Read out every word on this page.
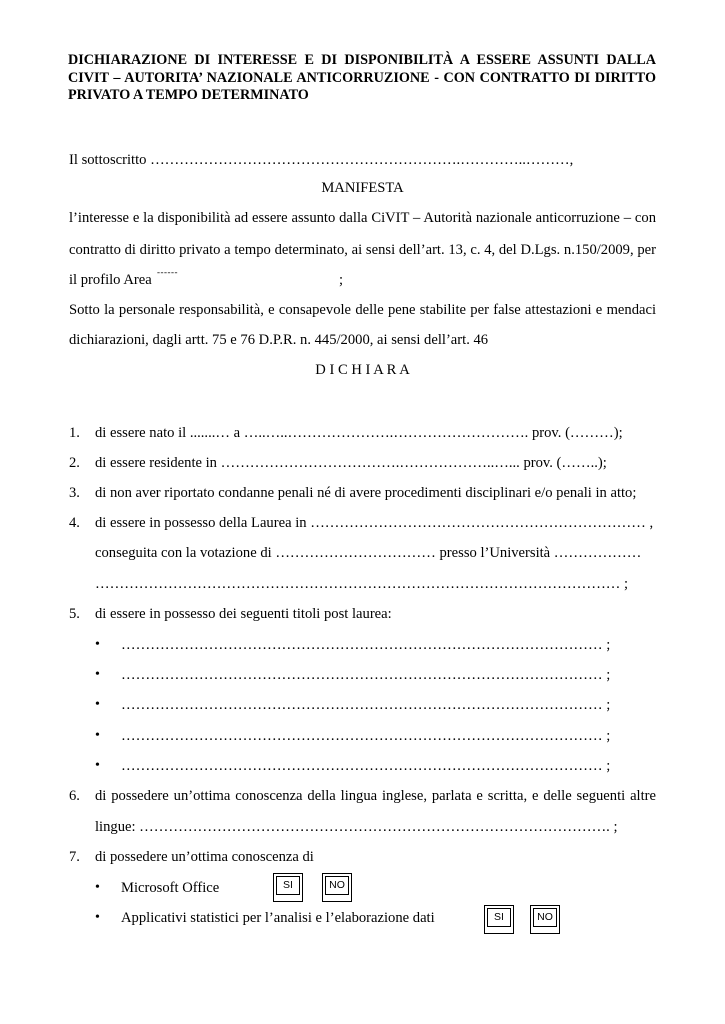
DICHIARAZIONE DI INTERESSE E DI DISPONIBILITÀ A ESSERE ASSUNTI DALLA CIVIT – AUTORITA’ NAZIONALE ANTICORRUZIONE - CON CONTRATTO DI DIRITTO PRIVATO A TEMPO DETERMINATO
Il sottoscritto ……………………………………………………….…………..………,
MANIFESTA
l’interesse e la disponibilità ad essere assunto dalla CiVIT – Autorità nazionale anticorruzione – con
contratto di diritto privato a tempo determinato, ai sensi dell’art. 13, c. 4, del D.Lgs. n.150/2009, per
il profilo Area ------	;
Sotto la personale responsabilità, e consapevole delle pene stabilite per false attestazioni e mendaci
dichiarazioni, dagli artt. 75 e 76 D.P.R. n. 445/2000, ai sensi dell’art. 46
D I C H I A R A
1. di essere nato il .......… a …..…..………………….………………………. prov. (………);
2. di essere residente in ……………………………….………………..…... prov. (……..);
3. di non aver riportato condanne penali né di avere procedimenti disciplinari e/o penali in atto;
4. di essere in possesso della Laurea in …………………………………………………………… ,
conseguita con la votazione di …………………………… presso l’Università ………………
……………………………………………………………………………………………… ;
5. di essere in possesso dei seguenti titoli post laurea:
• ……………………………………………………………………………………… ;
• ……………………………………………………………………………………… ;
• ……………………………………………………………………………………… ;
• ……………………………………………………………………………………… ;
• ……………………………………………………………………………………… ;
6. di possedere un’ottima conoscenza della lingua inglese, parlata e scritta, e delle seguenti altre
lingue: ……………………………………………………………………………………. ;
7. di possedere un’ottima conoscenza di
• Microsoft Office	SI	NO
• Applicativi statistici per l’analisi e l’elaborazione dati	SI	NO
